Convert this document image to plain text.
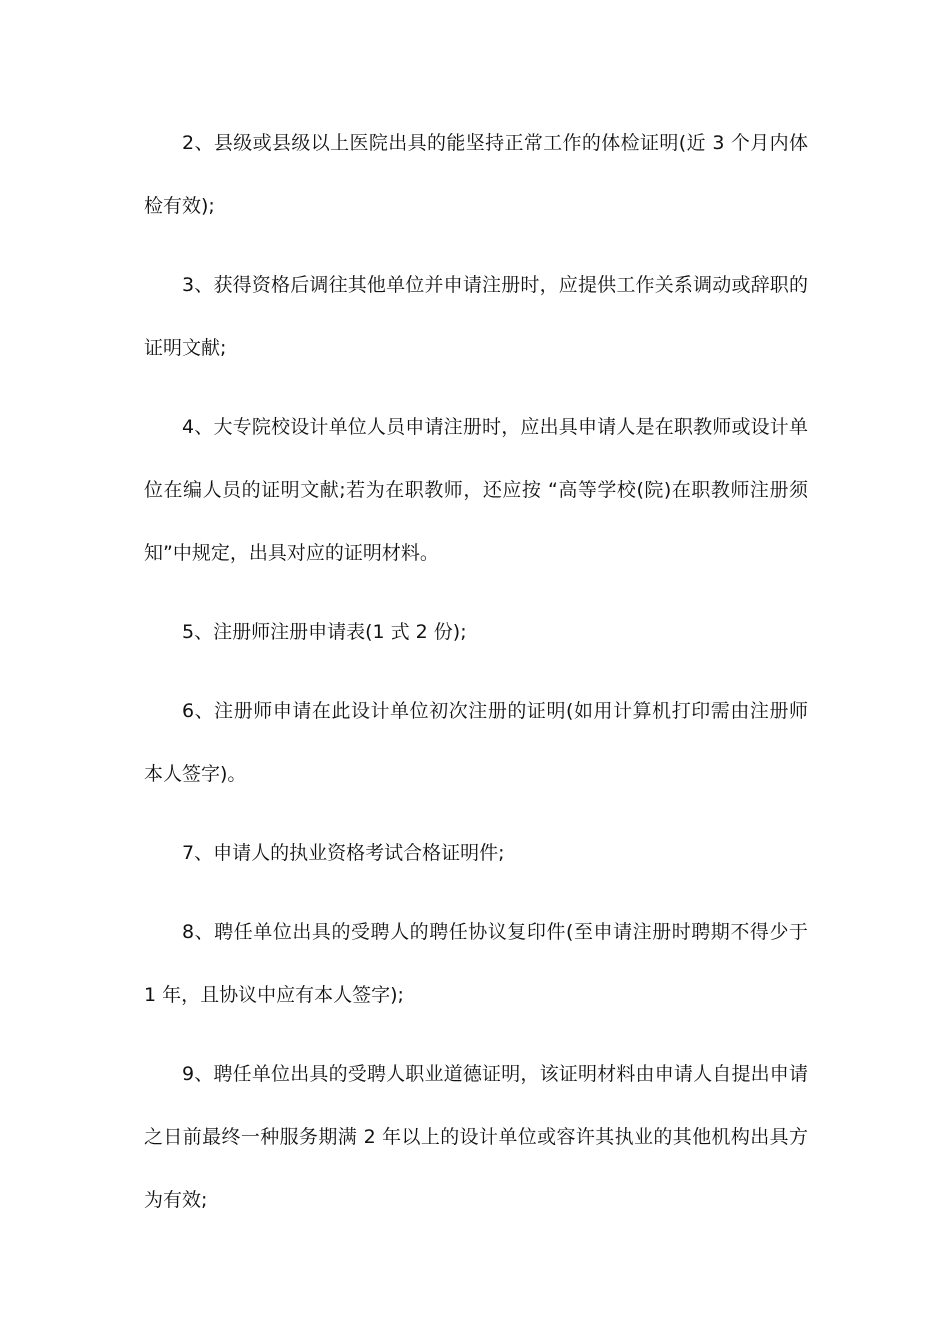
2、县级或县级以上医院出具的能坚持正常工作的体检证明(近 3 个月内体检有效);

3、获得资格后调往其他单位并申请注册时，应提供工作关系调动或辞职的证明文献;

4、大专院校设计单位人员申请注册时，应出具申请人是在职教师或设计单位在编人员的证明文献;若为在职教师，还应按 “高等学校(院)在职教师注册须知”中规定，出具对应的证明材料。

5、注册师注册申请表(1 式 2 份);

6、注册师申请在此设计单位初次注册的证明(如用计算机打印需由注册师本人签字)。

7、申请人的执业资格考试合格证明件;

8、聘任单位出具的受聘人的聘任协议复印件(至申请注册时聘期不得少于 1 年，且协议中应有本人签字);

9、聘任单位出具的受聘人职业道德证明，该证明材料由申请人自提出申请之日前最终一种服务期满 2 年以上的设计单位或容许其执业的其他机构出具方为有效;
